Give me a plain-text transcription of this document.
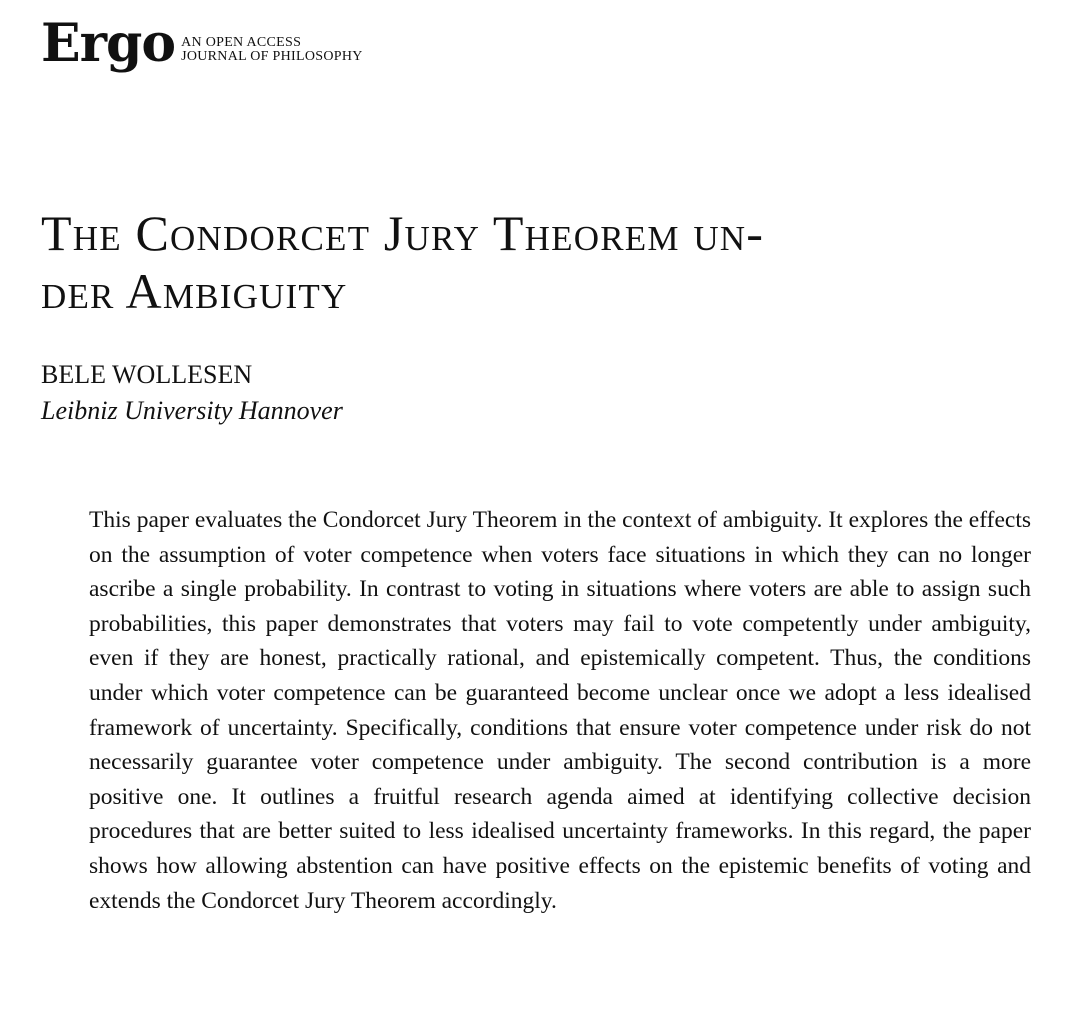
Ergo AN OPEN ACCESS
JOURNAL OF PHILOSOPHY
The Condorcet Jury Theorem un-
der Ambiguity
BELE WOLLESEN
Leibniz University Hannover

This paper evaluates the Condorcet Jury Theorem in the context of ambiguity. It explores the effects on the assumption of voter competence when voters face situations in which they can no longer ascribe a single probability. In contrast to voting in situations where voters are able to assign such probabilities, this paper demonstrates that voters may fail to vote competently under ambiguity, even if they are honest, practically rational, and epistemically competent. Thus, the conditions under which voter competence can be guaranteed become unclear once we adopt a less idealised framework of uncertainty. Specifically, conditions that ensure voter competence under risk do not necessarily guarantee voter competence under ambiguity. The second contribution is a more positive one. It outlines a fruitful research agenda aimed at identifying collective decision procedures that are better suited to less idealised uncertainty frameworks. In this regard, the paper shows how allowing abstention can have positive effects on the epistemic benefits of voting and extends the Condorcet Jury Theorem accordingly.
